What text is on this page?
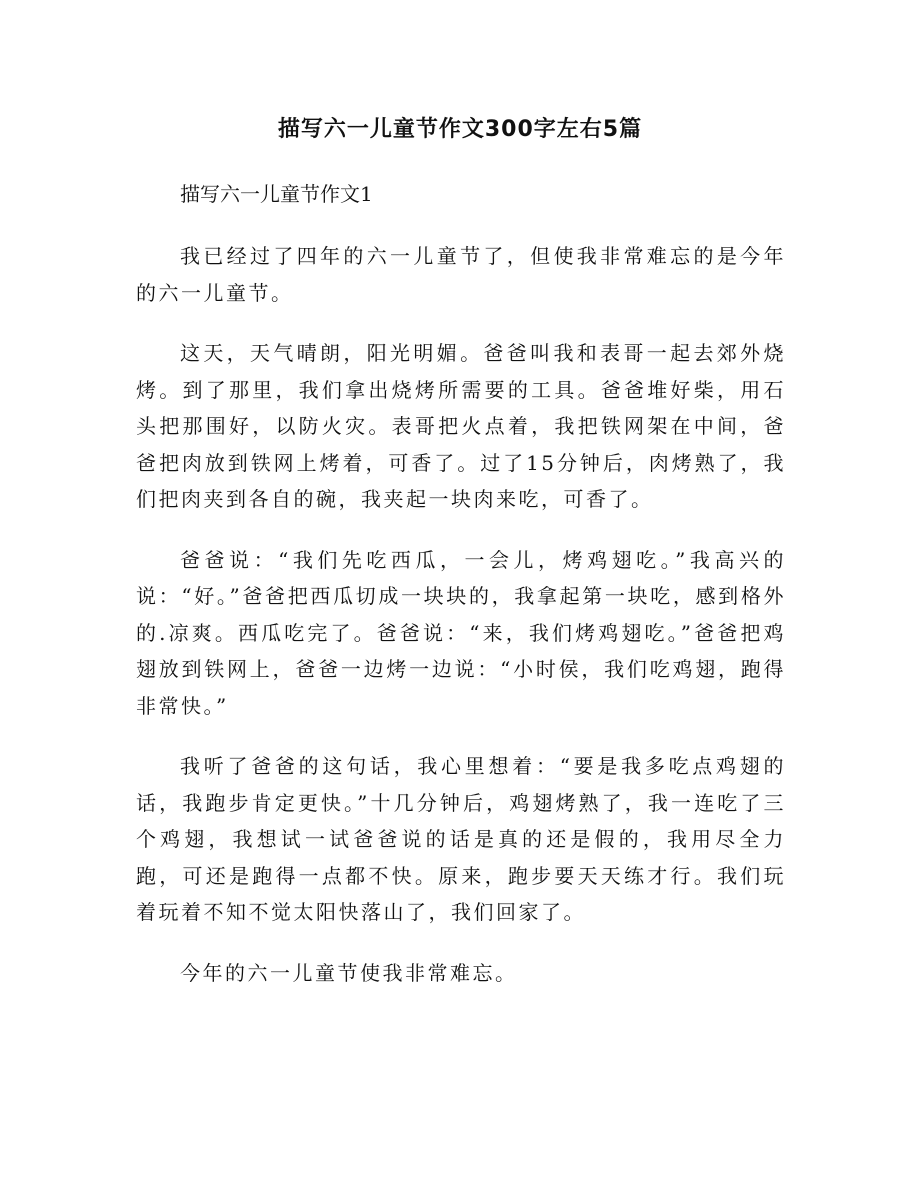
描写六一儿童节作文300字左右5篇

描写六一儿童节作文1

我已经过了四年的六一儿童节了，但使我非常难忘的是今年的六一儿童节。

这天，天气晴朗，阳光明媚。爸爸叫我和表哥一起去郊外烧烤。到了那里，我们拿出烧烤所需要的工具。爸爸堆好柴，用石头把那围好，以防火灾。表哥把火点着，我把铁网架在中间，爸爸把肉放到铁网上烤着，可香了。过了15分钟后，肉烤熟了，我们把肉夹到各自的碗，我夹起一块肉来吃，可香了。

爸爸说：“我们先吃西瓜，一会儿，烤鸡翅吃。”我高兴的说：“好。”爸爸把西瓜切成一块块的，我拿起第一块吃，感到格外的.凉爽。西瓜吃完了。爸爸说：“来，我们烤鸡翅吃。”爸爸把鸡翅放到铁网上，爸爸一边烤一边说：“小时侯，我们吃鸡翅，跑得非常快。”

我听了爸爸的这句话，我心里想着：“要是我多吃点鸡翅的话，我跑步肯定更快。”十几分钟后，鸡翅烤熟了，我一连吃了三个鸡翅，我想试一试爸爸说的话是真的还是假的，我用尽全力跑，可还是跑得一点都不快。原来，跑步要天天练才行。我们玩着玩着不知不觉太阳快落山了，我们回家了。

今年的六一儿童节使我非常难忘。
